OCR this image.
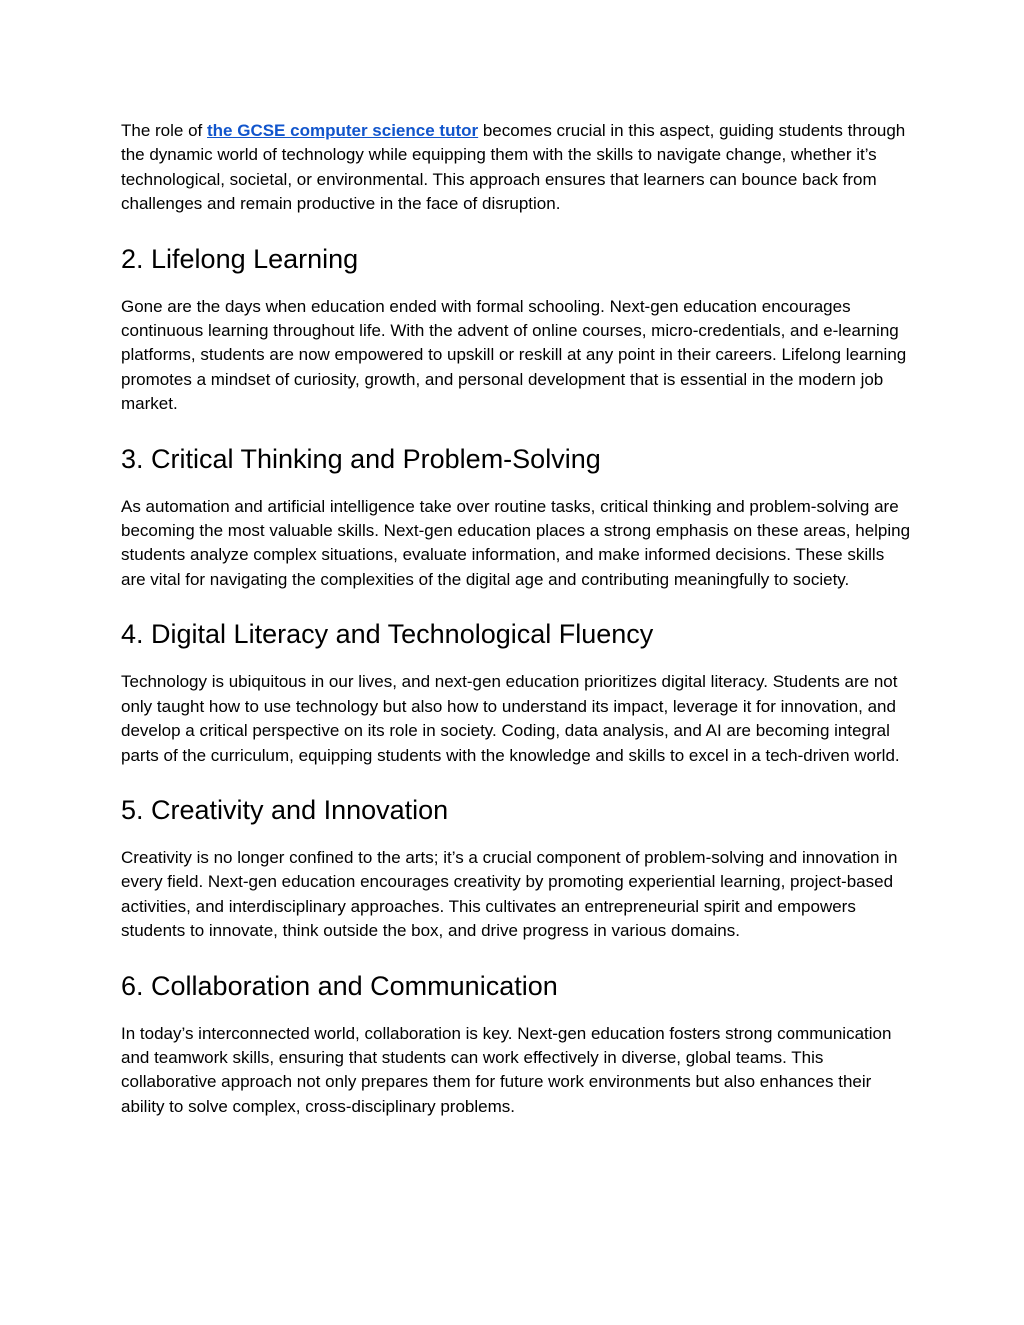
The role of the GCSE computer science tutor becomes crucial in this aspect, guiding students through the dynamic world of technology while equipping them with the skills to navigate change, whether it’s technological, societal, or environmental. This approach ensures that learners can bounce back from challenges and remain productive in the face of disruption.

2. Lifelong Learning

Gone are the days when education ended with formal schooling. Next-gen education encourages continuous learning throughout life. With the advent of online courses, micro-credentials, and e-learning platforms, students are now empowered to upskill or reskill at any point in their careers. Lifelong learning promotes a mindset of curiosity, growth, and personal development that is essential in the modern job market.

3. Critical Thinking and Problem-Solving

As automation and artificial intelligence take over routine tasks, critical thinking and problem-solving are becoming the most valuable skills. Next-gen education places a strong emphasis on these areas, helping students analyze complex situations, evaluate information, and make informed decisions. These skills are vital for navigating the complexities of the digital age and contributing meaningfully to society.

4. Digital Literacy and Technological Fluency

Technology is ubiquitous in our lives, and next-gen education prioritizes digital literacy. Students are not only taught how to use technology but also how to understand its impact, leverage it for innovation, and develop a critical perspective on its role in society. Coding, data analysis, and AI are becoming integral parts of the curriculum, equipping students with the knowledge and skills to excel in a tech-driven world.

5. Creativity and Innovation

Creativity is no longer confined to the arts; it’s a crucial component of problem-solving and innovation in every field. Next-gen education encourages creativity by promoting experiential learning, project-based activities, and interdisciplinary approaches. This cultivates an entrepreneurial spirit and empowers students to innovate, think outside the box, and drive progress in various domains.

6. Collaboration and Communication

In today’s interconnected world, collaboration is key. Next-gen education fosters strong communication and teamwork skills, ensuring that students can work effectively in diverse, global teams. This collaborative approach not only prepares them for future work environments but also enhances their ability to solve complex, cross-disciplinary problems.
